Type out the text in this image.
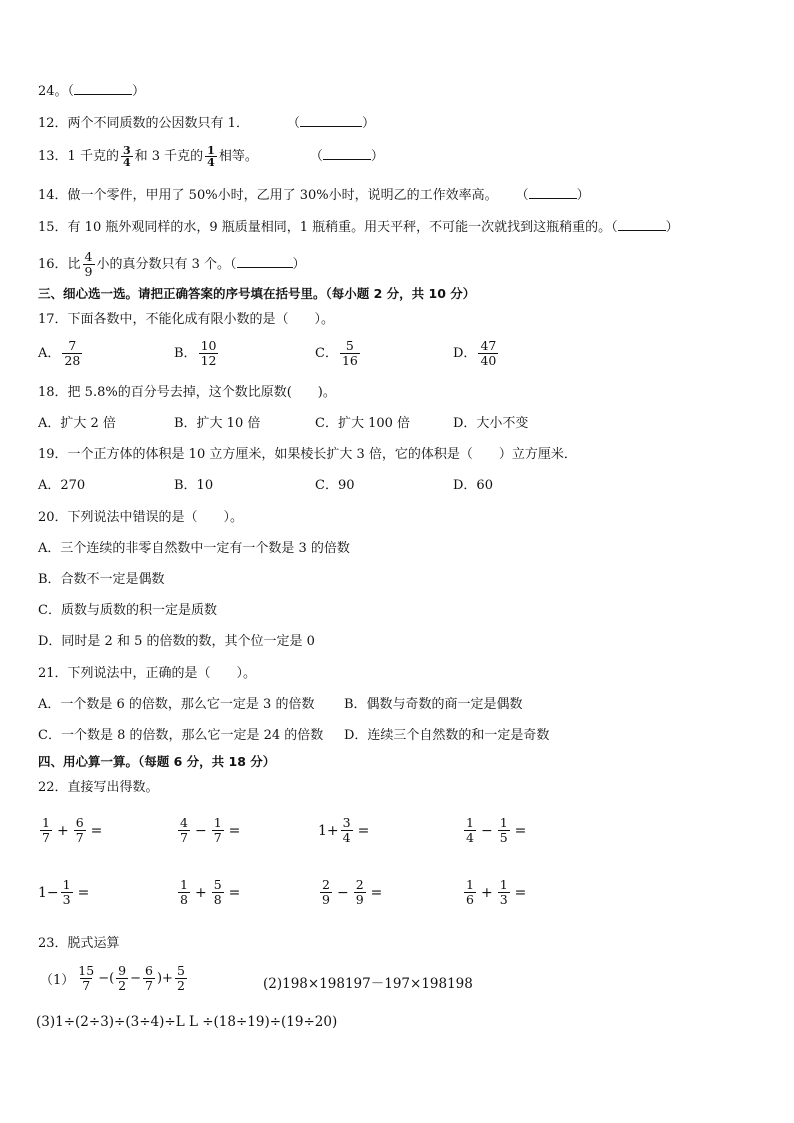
24。（	）
12．两个不同质数的公因数只有 1．	（	）
13．1 千克的 $\frac{3}{4}$ 和 3 千克的 $\frac{1}{4}$ 相等。	（	）
14．做一个零件，甲用了 50%小时，乙用了 30%小时，说明乙的工作效率高。 （	）
15．有 10 瓶外观同样的水，9 瓶质量相同，1 瓶稍重。用天平秤，不可能一次就找到这瓶稍重的。（	）
16．比 $\frac{4}{9}$ 小的真分数只有 3 个。（	）
三、细心选一选。请把正确答案的序号填在括号里。（每小题 2 分，共 10 分）
17．下面各数中，不能化成有限小数的是（　　）。
A． $\frac{7}{28}$	B． $\frac{10}{12}$	C． $\frac{5}{16}$	D． $\frac{47}{40}$
18．把 5.8%的百分号去掉，这个数比原数(　　)。
A．扩大 2 倍	B．扩大 10 倍	C．扩大 100 倍	D．大小不变
19．一个正方体的体积是 10 立方厘米，如果棱长扩大 3 倍，它的体积是（　　）立方厘米．
A．270	B．10	C．90	D．60
20．下列说法中错误的是（　　）。
A．三个连续的非零自然数中一定有一个数是 3 的倍数
B．合数不一定是偶数
C．质数与质数的积一定是质数
D．同时是 2 和 5 的倍数的数，其个位一定是 0
21．下列说法中，正确的是（　　）。
A．一个数是 6 的倍数，那么它一定是 3 的倍数 B．偶数与奇数的商一定是偶数
C．一个数是 8 的倍数，那么它一定是 24 的倍数 D．连续三个自然数的和一定是奇数
四、用心算一算。（每题 6 分，共 18 分）
22．直接写出得数。
$\frac{1}{7} + \frac{6}{7}$ =	$\frac{4}{7} - \frac{1}{7}$ =	$1+ \frac{3}{4}$ =	$\frac{1}{4} - \frac{1}{5}$ =
$1- \frac{1}{3}$ =	$\frac{1}{8} + \frac{5}{8}$ =	$\frac{2}{9} - \frac{2}{9}$ =	$\frac{1}{6} + \frac{1}{3}$ =
23．脱式运算
$(1) \frac{15}{7}$ −( $\frac{9}{2} - \frac{6}{7}$ )+ $\frac{5}{2}$	(2)198×198197－197×198198
(3)1÷(2÷3)÷(3÷4)÷L L ÷(18÷19)÷(19÷20)
